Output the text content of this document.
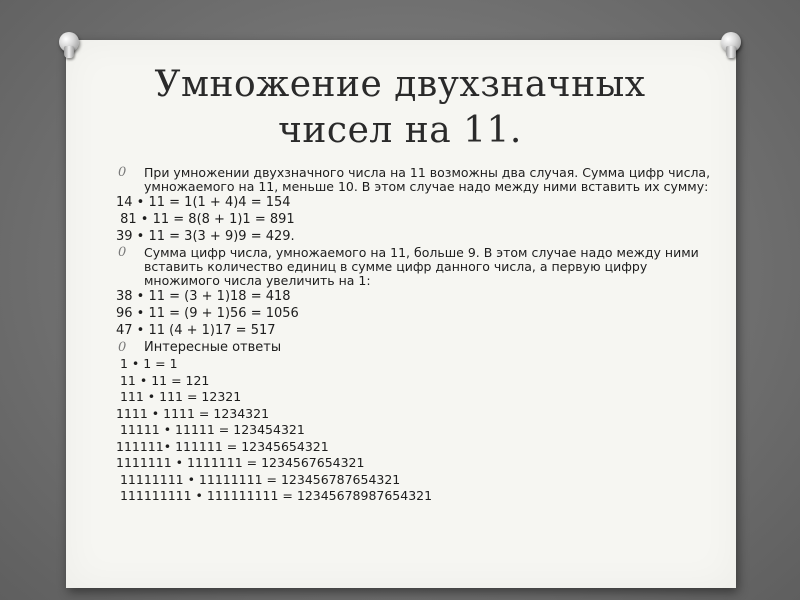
Умножение двухзначных
чисел на 11.
0 При умножении двухзначного числа на 11 возможны два случая. Сумма цифр числа,
умножаемого на 11, меньше 10. В этом случае надо между ними вставить их сумму:
14 • 11 = 1(1 + 4)4 = 154
81 • 11 = 8(8 + 1)1 = 891
39 • 11 = 3(3 + 9)9 = 429.
0 Сумма цифр числа, умножаемого на 11, больше 9. В этом случае надо между ними
вставить количество единиц в сумме цифр данного числа, а первую цифру
множимого числа увеличить на 1:
38 • 11 = (3 + 1)18 = 418
96 • 11 = (9 + 1)56 = 1056
47 • 11 (4 + 1)17 = 517
0 Интересные ответы
1 • 1 = 1
11 • 11 = 121
111 • 111 = 12321
1111 • 1111 = 1234321
11111 • 11111 = 123454321
111111• 111111 = 12345654321
1111111 • 1111111 = 1234567654321
11111111 • 11111111 = 123456787654321
111111111 • 111111111 = 12345678987654321
